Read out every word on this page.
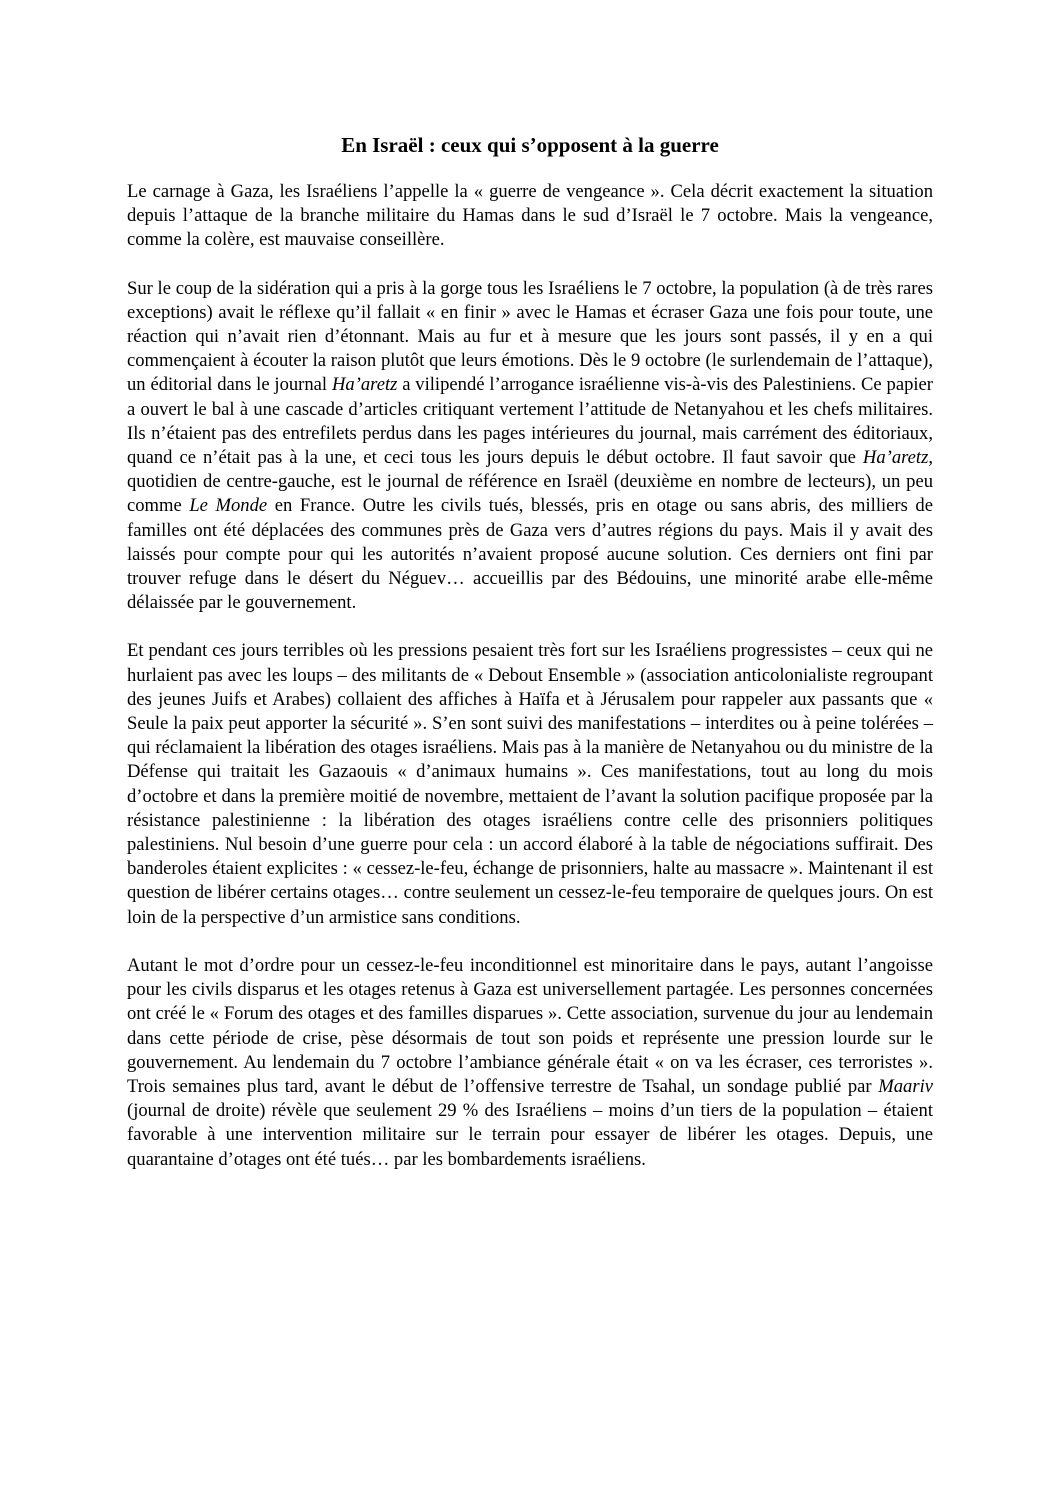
En Israël : ceux qui s’opposent à la guerre

Le carnage à Gaza, les Israéliens l’appelle la « guerre de vengeance ». Cela décrit exactement la situation depuis l’attaque de la branche militaire du Hamas dans le sud d’Israël le 7 octobre. Mais la vengeance, comme la colère, est mauvaise conseillère.

Sur le coup de la sidération qui a pris à la gorge tous les Israéliens le 7 octobre, la population (à de très rares exceptions) avait le réflexe qu’il fallait « en finir » avec le Hamas et écraser Gaza une fois pour toute, une réaction qui n’avait rien d’étonnant. Mais au fur et à mesure que les jours sont passés, il y en a qui commençaient à écouter la raison plutôt que leurs émotions. Dès le 9 octobre (le surlendemain de l’attaque), un éditorial dans le journal Ha’aretz a vilipendé l’arrogance israélienne vis-à-vis des Palestiniens. Ce papier a ouvert le bal à une cascade d’articles critiquant vertement l’attitude de Netanyahou et les chefs militaires. Ils n’étaient pas des entrefilets perdus dans les pages intérieures du journal, mais carrément des éditoriaux, quand ce n’était pas à la une, et ceci tous les jours depuis le début octobre. Il faut savoir que Ha’aretz, quotidien de centre-gauche, est le journal de référence en Israël (deuxième en nombre de lecteurs), un peu comme Le Monde en France. Outre les civils tués, blessés, pris en otage ou sans abris, des milliers de familles ont été déplacées des communes près de Gaza vers d’autres régions du pays. Mais il y avait des laissés pour compte pour qui les autorités n’avaient proposé aucune solution. Ces derniers ont fini par trouver refuge dans le désert du Néguev… accueillis par des Bédouins, une minorité arabe elle-même délaissée par le gouvernement.

Et pendant ces jours terribles où les pressions pesaient très fort sur les Israéliens progressistes – ceux qui ne hurlaient pas avec les loups – des militants de « Debout Ensemble » (association anticolonialiste regroupant des jeunes Juifs et Arabes) collaient des affiches à Haïfa et à Jérusalem pour rappeler aux passants que « Seule la paix peut apporter la sécurité ». S’en sont suivi des manifestations – interdites ou à peine tolérées – qui réclamaient la libération des otages israéliens. Mais pas à la manière de Netanyahou ou du ministre de la Défense qui traitait les Gazaouis « d’animaux humains ». Ces manifestations, tout au long du mois d’octobre et dans la première moitié de novembre, mettaient de l’avant la solution pacifique proposée par la résistance palestinienne : la libération des otages israéliens contre celle des prisonniers politiques palestiniens. Nul besoin d’une guerre pour cela : un accord élaboré à la table de négociations suffirait. Des banderoles étaient explicites : « cessez-le-feu, échange de prisonniers, halte au massacre ». Maintenant il est question de libérer certains otages… contre seulement un cessez-le-feu temporaire de quelques jours. On est loin de la perspective d’un armistice sans conditions.

Autant le mot d’ordre pour un cessez-le-feu inconditionnel est minoritaire dans le pays, autant l’angoisse pour les civils disparus et les otages retenus à Gaza est universellement partagée. Les personnes concernées ont créé le « Forum des otages et des familles disparues ». Cette association, survenue du jour au lendemain dans cette période de crise, pèse désormais de tout son poids et représente une pression lourde sur le gouvernement. Au lendemain du 7 octobre l’ambiance générale était « on va les écraser, ces terroristes ». Trois semaines plus tard, avant le début de l’offensive terrestre de Tsahal, un sondage publié par Maariv (journal de droite) révèle que seulement 29 % des Israéliens – moins d’un tiers de la population – étaient favorable à une intervention militaire sur le terrain pour essayer de libérer les otages. Depuis, une quarantaine d’otages ont été tués… par les bombardements israéliens.
